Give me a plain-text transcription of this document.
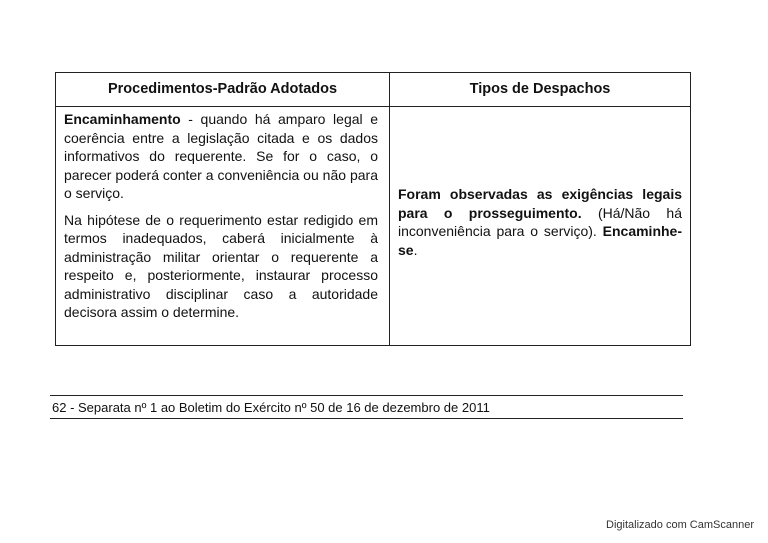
Procedimentos-Padrão Adotados	Tipos de Despachos

Encaminhamento - quando há amparo legal e coerência entre a legislação citada e os dados informativos do requerente. Se for o caso, o parecer poderá conter a conveniência ou não para o serviço.

Na hipótese de o requerimento estar redigido em termos inadequados, caberá inicialmente à administração militar orientar o requerente a respeito e, posteriormente, instaurar processo administrativo disciplinar caso a autoridade decisora assim o determine.

Foram observadas as exigências legais para o prosseguimento. (Há/Não há inconveniência para o serviço). Encaminhe-se.

62 - Separata nº 1 ao Boletim do Exército nº 50 de 16 de dezembro de 2011
Digitalizado com CamScanner
